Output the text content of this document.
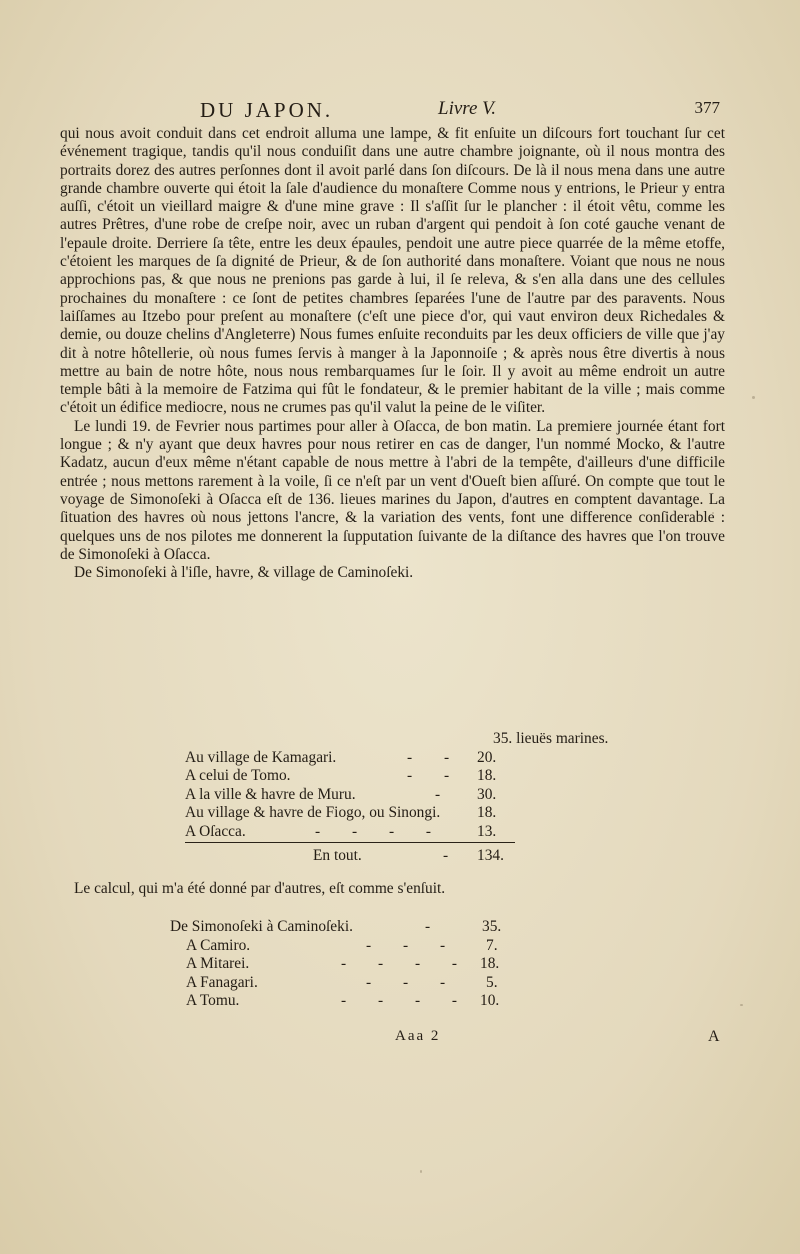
DU JAPON.	Livre V.	377

qui nous avoit conduit dans cet endroit alluma une lampe, & fit enſuite un diſcours fort touchant ſur cet événement tragique, tandis qu'il nous conduiſit dans une autre chambre joignante, où il nous montra des portraits dorez des autres perſonnes dont il avoit parlé dans ſon diſcours. De là il nous mena dans une autre grande chambre ouverte qui étoit la ſale d'audience du monaſtere Comme nous y entrions, le Prieur y entra auſſi, c'étoit un vieillard maigre & d'une mine grave : Il s'aſſit ſur le plancher : il étoit vêtu, comme les autres Prêtres, d'une robe de creſpe noir, avec un ruban d'argent qui pendoit à ſon coté gauche venant de l'epaule droite. Derriere ſa tête, entre les deux épaules, pendoit une autre piece quarrée de la même etoffe, c'étoient les marques de ſa dignité de Prieur, & de ſon authorité dans monaſtere. Voiant que nous ne nous approchions pas, & que nous ne prenions pas garde à lui, il ſe releva, & s'en alla dans une des cellules prochaines du monaſtere : ce ſont de petites chambres ſeparées l'une de l'autre par des paravents. Nous laiſſames au Itzebo pour preſent au monaſtere (c'eſt une piece d'or, qui vaut environ deux Richedales & demie, ou douze chelins d'Angleterre) Nous fumes enſuite reconduits par les deux officiers de ville que j'ay dit à notre hôtellerie, où nous fumes ſervis à manger à la Japonnoiſe ; & après nous être divertis à nous mettre au bain de notre hôte, nous nous rembarquames ſur le ſoir. Il y avoit au même endroit un autre temple bâti à la memoire de Fatzima qui fût le fondateur, & le premier habitant de la ville ; mais comme c'étoit un édifice mediocre, nous ne crumes pas qu'il valut la peine de le viſiter.

Le lundi 19. de Fevrier nous partimes pour aller à Oſacca, de bon matin. La premiere journée étant fort longue ; & n'y ayant que deux havres pour nous retirer en cas de danger, l'un nommé Mocko, & l'autre Kadatz, aucun d'eux même n'étant capable de nous mettre à l'abri de la tempête, d'ailleurs d'une difficile entrée ; nous mettons rarement à la voile, ſi ce n'eſt par un vent d'Oueſt bien aſſuré. On compte que tout le voyage de Simonoſeki à Oſacca eſt de 136. lieues marines du Japon, d'autres en comptent davantage. La ſituation des havres où nous jettons l'ancre, & la variation des vents, font une difference conſiderable : quelques uns de nos pilotes me donnerent la ſupputation ſuivante de la diſtance des havres que l'on trouve de Simonoſeki à Oſacca.

De Simonoſeki à l'iſle, havre, & village de Caminoſeki.

35. lieuës marines.
Au village de Kamagari.	- - 20.
A celui de Tomo.	- - 18.
A la ville & havre de Muru.	- 30.
Au village & havre de Fiogo, ou Sinongi. 18.
A Oſacca.	- - - - 13.
En tout.	- 134.

Le calcul, qui m'a été donné par d'autres, eſt comme s'enſuit.

De Simonoſeki à Caminoſeki.	- 35.
A Camiro.	- - - 7.
A Mitarei.	- - - - 18.
A Fanagari.	- - - 5.
A Tomu.	- - - - 10.
Aaa 2	A
